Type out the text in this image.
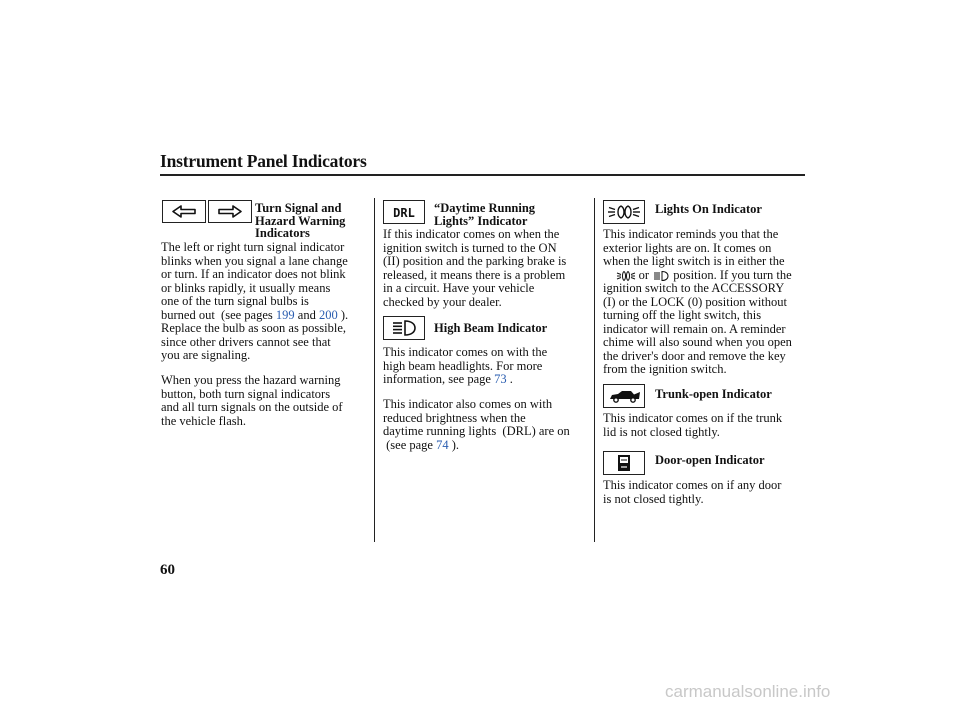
Instrument Panel Indicators
Turn Signal and
Hazard Warning
Indicators
The left or right turn signal indicator
blinks when you signal a lane change
or turn. If an indicator does not blink
or blinks rapidly, it usually means
one of the turn signal bulbs is
burned out  (see pages 199 and 200 ).
Replace the bulb as soon as possible,
since other drivers cannot see that
you are signaling.
When you press the hazard warning
button, both turn signal indicators
and all turn signals on the outside of
the vehicle flash.
DRL “Daytime Running
Lights” Indicator
If this indicator comes on when the
ignition switch is turned to the ON
(II) position and the parking brake is
released, it means there is a problem
in a circuit. Have your vehicle
checked by your dealer.
High Beam Indicator
This indicator comes on with the
high beam headlights. For more
information, see page 73 .
This indicator also comes on with
reduced brightness when the
daytime running lights  (DRL) are on
(see page 74 ).
Lights On Indicator
This indicator reminds you that the
exterior lights are on. It comes on
when the light switch is in either the
or  position. If you turn the
ignition switch to the ACCESSORY
(I) or the LOCK (0) position without
turning off the light switch, this
indicator will remain on. A reminder
chime will also sound when you open
the driver's door and remove the key
from the ignition switch.
Trunk-open Indicator
This indicator comes on if the trunk
lid is not closed tightly.
Door-open Indicator
This indicator comes on if any door
is not closed tightly.
60
carmanualsonline.info
